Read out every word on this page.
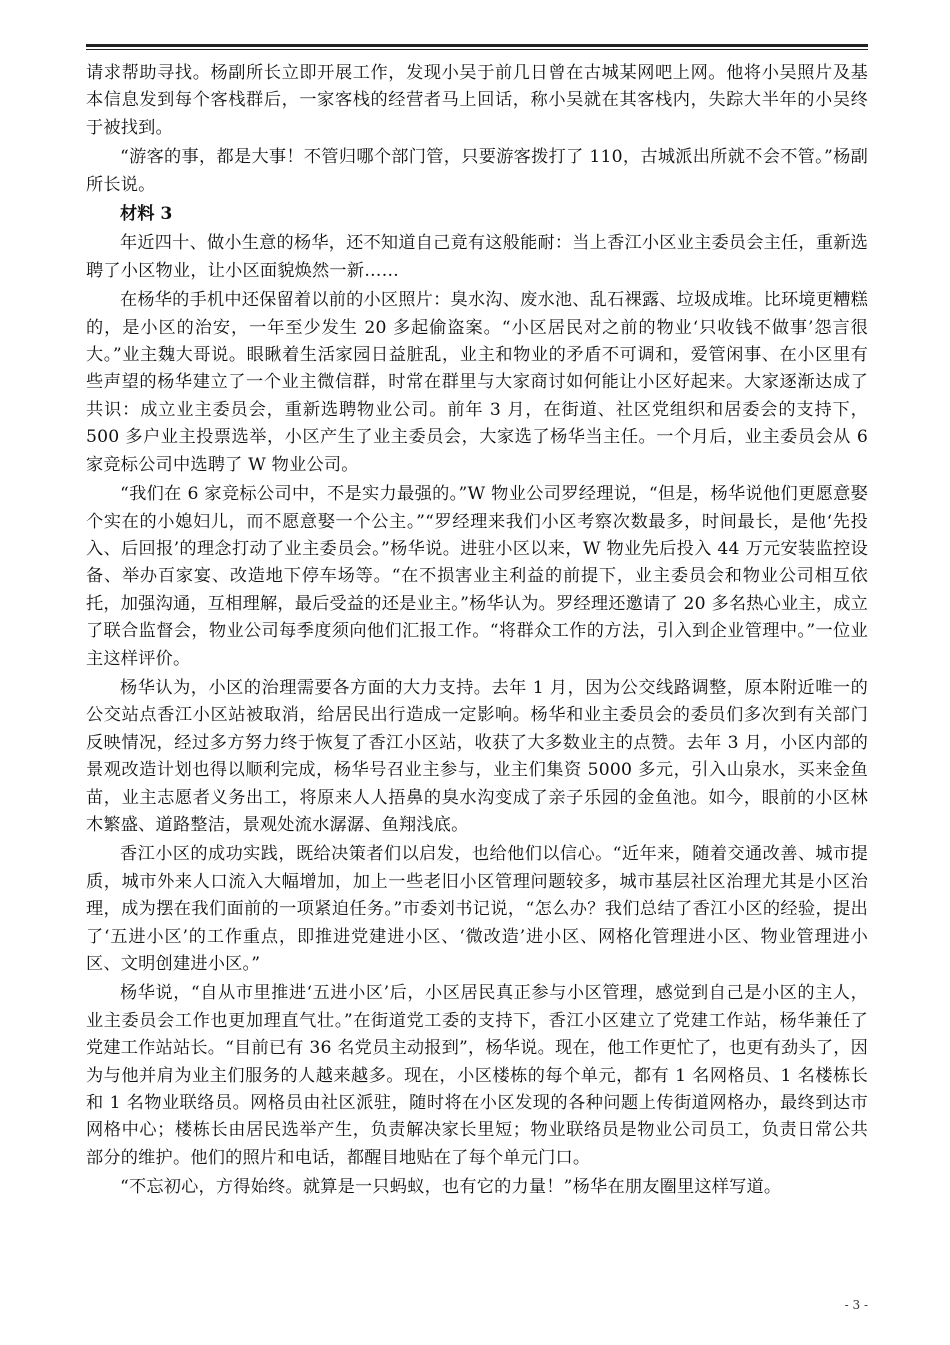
请求帮助寻找。杨副所长立即开展工作，发现小吴于前几日曾在古城某网吧上网。他将小吴照片及基本信息发到每个客栈群后，一家客栈的经营者马上回话，称小吴就在其客栈内，失踪大半年的小吴终于被找到。

“游客的事，都是大事！不管归哪个部门管，只要游客拨打了 110，古城派出所就不会不管。”杨副所长说。

材料 3

年近四十、做小生意的杨华，还不知道自己竟有这般能耐：当上香江小区业主委员会主任，重新选聘了小区物业，让小区面貌焕然一新……

在杨华的手机中还保留着以前的小区照片：臭水沟、废水池、乱石裸露、垃圾成堆。比环境更糟糕的，是小区的治安，一年至少发生 20 多起偷盗案。“小区居民对之前的物业‘只收钱不做事’怨言很大。”业主魏大哥说。眼瞅着生活家园日益脏乱，业主和物业的矛盾不可调和，爱管闲事、在小区里有些声望的杨华建立了一个业主微信群，时常在群里与大家商讨如何能让小区好起来。大家逐渐达成了共识：成立业主委员会，重新选聘物业公司。前年 3 月，在街道、社区党组织和居委会的支持下，500 多户业主投票选举，小区产生了业主委员会，大家选了杨华当主任。一个月后，业主委员会从 6 家竞标公司中选聘了 W 物业公司。

“我们在 6 家竞标公司中，不是实力最强的。”W 物业公司罗经理说，“但是，杨华说他们更愿意娶个实在的小媳妇儿，而不愿意娶一个公主。”“罗经理来我们小区考察次数最多，时间最长，是他‘先投入、后回报’的理念打动了业主委员会。”杨华说。进驻小区以来，W 物业先后投入 44 万元安装监控设备、举办百家宴、改造地下停车场等。“在不损害业主利益的前提下，业主委员会和物业公司相互依托，加强沟通，互相理解，最后受益的还是业主。”杨华认为。罗经理还邀请了 20 多名热心业主，成立了联合监督会，物业公司每季度须向他们汇报工作。“将群众工作的方法，引入到企业管理中。”一位业主这样评价。

杨华认为，小区的治理需要各方面的大力支持。去年 1 月，因为公交线路调整，原本附近唯一的公交站点香江小区站被取消，给居民出行造成一定影响。杨华和业主委员会的委员们多次到有关部门反映情况，经过多方努力终于恢复了香江小区站，收获了大多数业主的点赞。去年 3 月，小区内部的景观改造计划也得以顺利完成，杨华号召业主参与，业主们集资 5000 多元，引入山泉水，买来金鱼苗，业主志愿者义务出工，将原来人人捂鼻的臭水沟变成了亲子乐园的金鱼池。如今，眼前的小区林木繁盛、道路整洁，景观处流水潺潺、鱼翔浅底。

香江小区的成功实践，既给决策者们以启发，也给他们以信心。“近年来，随着交通改善、城市提质，城市外来人口流入大幅增加，加上一些老旧小区管理问题较多，城市基层社区治理尤其是小区治理，成为摆在我们面前的一项紧迫任务。”市委刘书记说，“怎么办？我们总结了香江小区的经验，提出了‘五进小区’的工作重点，即推进党建进小区、‘微改造’进小区、网格化管理进小区、物业管理进小区、文明创建进小区。”

杨华说，“自从市里推进‘五进小区’后，小区居民真正参与小区管理，感觉到自己是小区的主人，业主委员会工作也更加理直气壮。”在街道党工委的支持下，香江小区建立了党建工作站，杨华兼任了党建工作站站长。“目前已有 36 名党员主动报到”，杨华说。现在，他工作更忙了，也更有劲头了，因为与他并肩为业主们服务的人越来越多。现在，小区楼栋的每个单元，都有 1 名网格员、1 名楼栋长和 1 名物业联络员。网格员由社区派驻，随时将在小区发现的各种问题上传街道网格办，最终到达市网格中心；楼栋长由居民选举产生，负责解决家长里短；物业联络员是物业公司员工，负责日常公共部分的维护。他们的照片和电话，都醒目地贴在了每个单元门口。

“不忘初心，方得始终。就算是一只蚂蚁，也有它的力量！”杨华在朋友圈里这样写道。

- 3 -
